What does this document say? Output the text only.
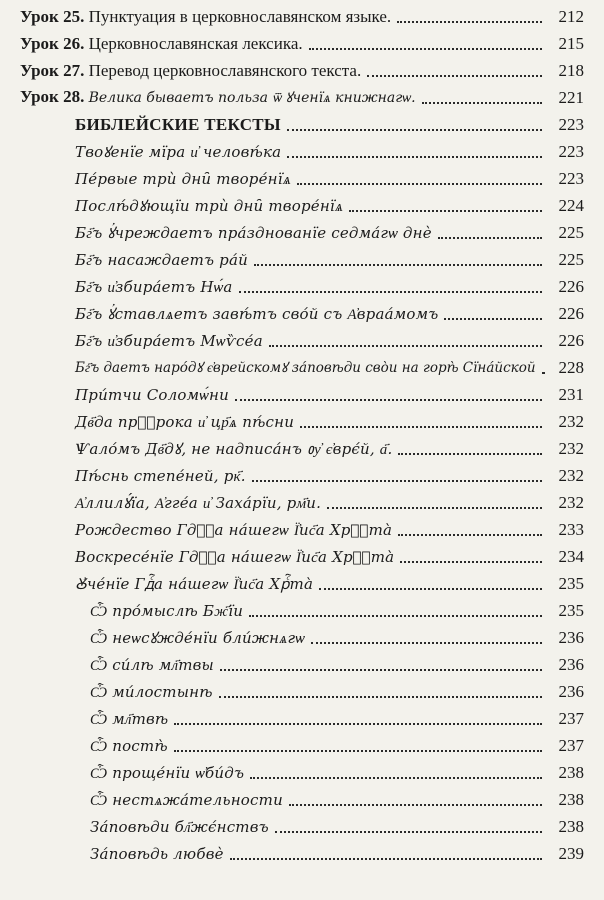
Урок 25. Пунктуация в церковнославянском языке.	212
Урок 26. Церковнославянская лексика.	215
Урок 27. Перевод церковнославянского текста.	218
Урок 28. Велика бываетъ польза ѿ ꙋченїѧ книжнагѡ.	221
БИБЛЕЙСКИЕ ТЕКСТЫ	223
Твоꙋенїе мїра и҆ человѣ́ка	223
Пе́рвые трѝ дни̑ творе́нїѧ	223
Послѣ́дꙋющїи трѝ дни̑ творе́нїѧ	224
Бг҃ъ ꙋ҆чреждаетъ пра́зднованїе седма́гѡ днѐ	225
Бг҃ъ насаждаетъ ра́й	225
Бг҃ъ и҆збира́етъ Нѡ́а	226
Бг҃ъ ꙋ҆ставлѧетъ завѣ́тъ сво́й съ А҆враа́момъ	226
Бг҃ъ и҆збира́етъ Мѡѷсе́а	226
Бг҃ъ даетъ наро́дꙋ є҆врейскомꙋ за́повѣди сво̀и на горѣ̀ Сїна́йской	228
При́тчи Соломѡ́ни	231
Дв҃да прⷪ҇рока и҆ цр҃ѧ пѣ́сни	232
Ѱало́мъ Дв҃дꙋ, не надписа́нъ ᲂу҆ є҆врє́й, а҃.	232
Пѣ́снь степе́ней, рк҃.	232
А҆ллилꙋ́їа, А҆гге́а и҆ Заха́рїи, рм҃и.	232
Рождество Гдⷭ҇а на́шегѡ Ї҆ис҃а Хрⷭ҇та̀	233
Воскресе́нїе Гдⷭ҇а на́шегѡ Ї҆ис҃а Хрⷭ҇та̀	234
Ꙋ҆че́нїе Гдⷭ҇а на́шегѡ Ї҆ис҃а Хрⷭ҇та̀	235
Ѽ про́мыслѣ Бж҃їи	235
Ѽ неѡсꙋжде́нїи бли́жнѧгѡ	236
Ѽ си́лѣ мл҃твы	236
Ѽ ми́лостынѣ	236
Ѽ мл҃твѣ	237
Ѽ постѣ̀	237
Ѽ проще́нїи ѡ҆би́дъ	238
Ѽ нестѧжа́тельности	238
За́повѣди бл҃жє́нствъ	238
За́повѣдь любвѐ	239
